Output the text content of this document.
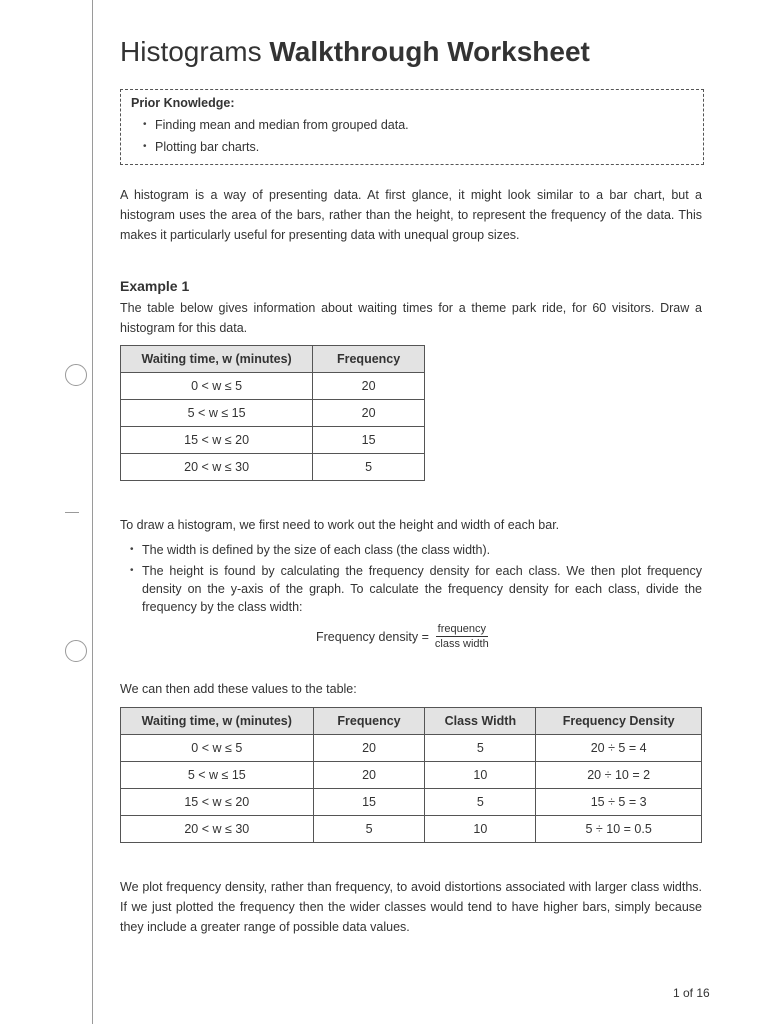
Histograms Walkthrough Worksheet

Prior Knowledge:

• Finding mean and median from grouped data.
• Plotting bar charts.

A histogram is a way of presenting data. At first glance, it might look similar to a bar chart, but a histogram uses the area of the bars, rather than the height, to represent the frequency of the data. This makes it particularly useful for presenting data with unequal group sizes.

Example 1

The table below gives information about waiting times for a theme park ride, for 60 visitors. Draw a histogram for this data.

Waiting time, w (minutes)	Frequency
0 < w ≤ 5	20
5 < w ≤ 15	20
15 < w ≤ 20	15
20 < w ≤ 30	5

To draw a histogram, we first need to work out the height and width of each bar.

• The width is defined by the size of each class (the class width).
• The height is found by calculating the frequency density for each class. We then plot frequency density on the y-axis of the graph. To calculate the frequency density for each class, divide the frequency by the class width:
Frequency density = $\frac{\text{frequency}}{\text{class width}}$

We can then add these values to the table:

Waiting time, w (minutes)	Frequency	Class Width	Frequency Density
0 < w ≤ 5	20	5	20 ÷ 5 = 4
5 < w ≤ 15	20	10	20 ÷ 10 = 2
15 < w ≤ 20	15	5	15 ÷ 5 = 3
20 < w ≤ 30	5	10	5 ÷ 10 = 0.5

We plot frequency density, rather than frequency, to avoid distortions associated with larger class widths. If we just plotted the frequency then the wider classes would tend to have higher bars, simply because they include a greater range of possible data values.

1 of 16
